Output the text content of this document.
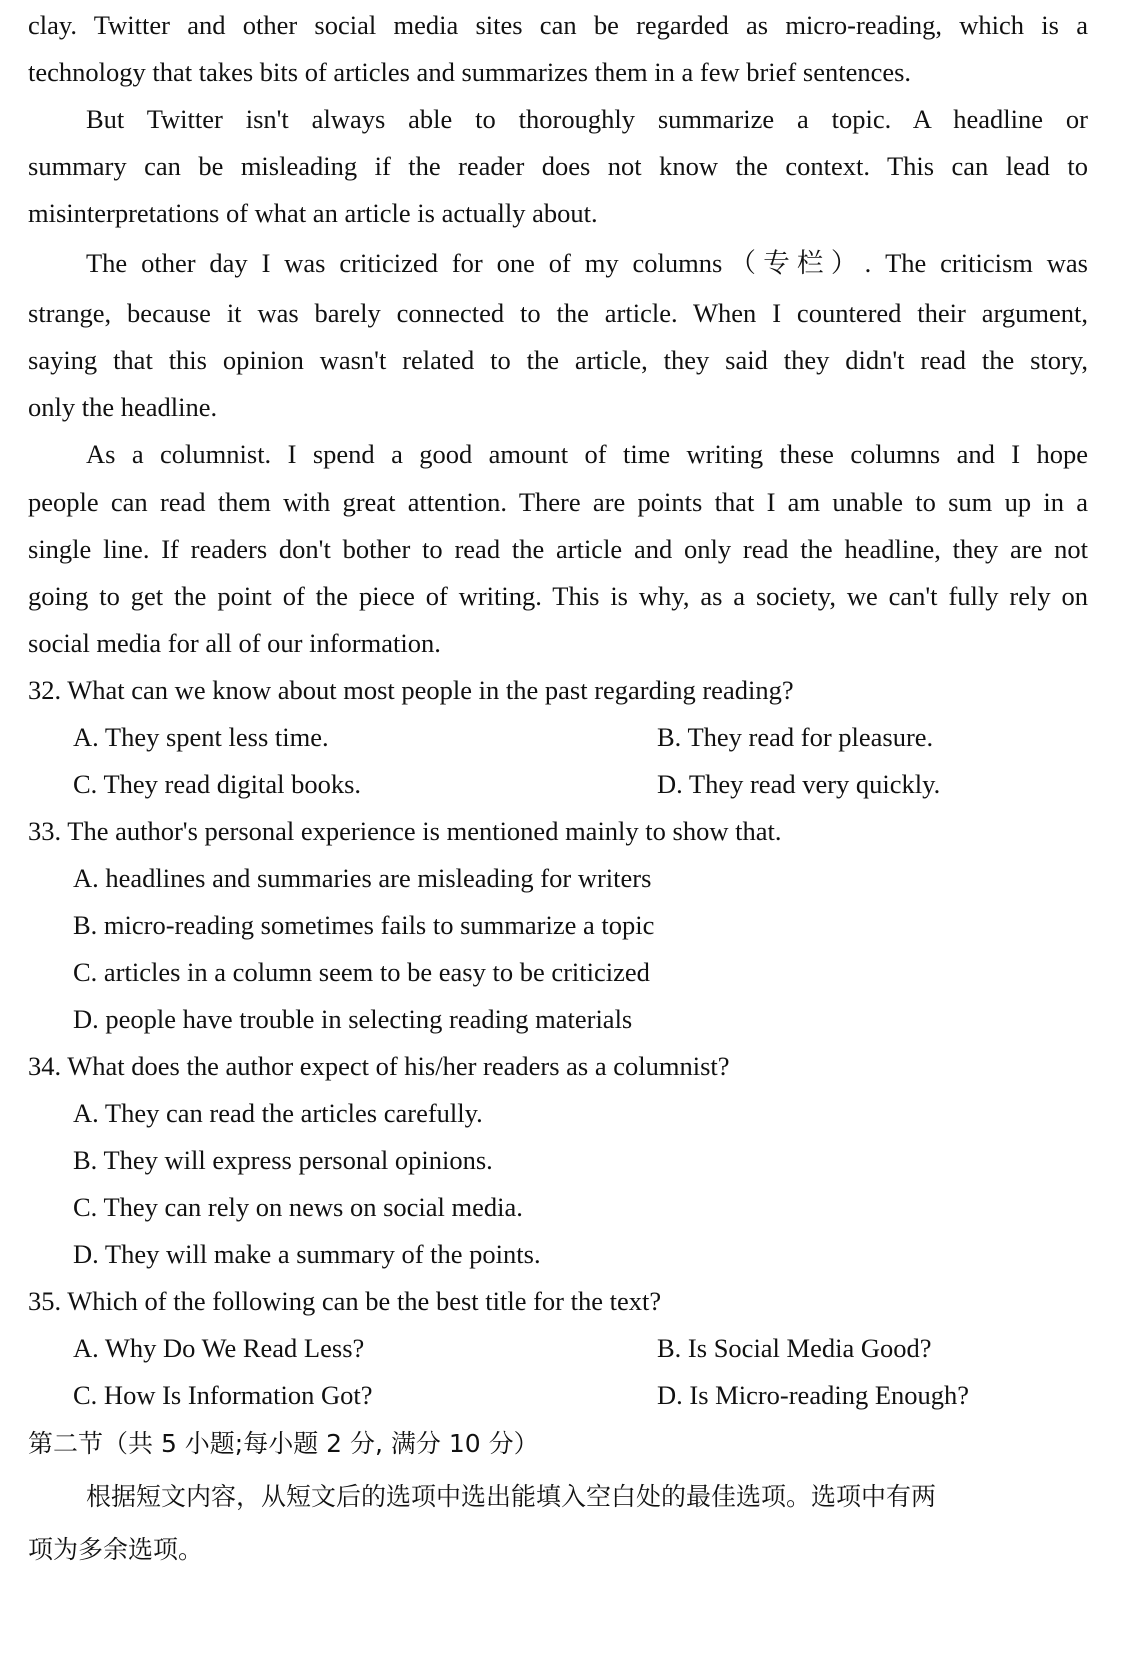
clay. Twitter and other social media sites can be regarded as micro-reading, which is a
technology that takes bits of articles and summarizes them in a few brief sentences.
But Twitter isn't always able to thoroughly summarize a topic. A headline or
summary can be misleading if the reader does not know the context. This can lead to
misinterpretations of what an article is actually about.
The other day I was criticized for one of my columns（专栏）. The criticism was
strange, because it was barely connected to the article. When I countered their argument,
saying that this opinion wasn't related to the article, they said they didn't read the story,
only the headline.
As a columnist. I spend a good amount of time writing these columns and I hope
people can read them with great attention. There are points that I am unable to sum up in a
single line. If readers don't bother to read the article and only read the headline, they are not
going to get the point of the piece of writing. This is why, as a society, we can't fully rely on
social media for all of our information.
32. What can we know about most people in the past regarding reading?
A. They spent less time.	B. They read for pleasure.
C. They read digital books.	D. They read very quickly.
33. The author's personal experience is mentioned mainly to show that.
A. headlines and summaries are misleading for writers
B. micro-reading sometimes fails to summarize a topic
C. articles in a column seem to be easy to be criticized
D. people have trouble in selecting reading materials
34. What does the author expect of his/her readers as a columnist?
A. They can read the articles carefully.
B. They will express personal opinions.
C. They can rely on news on social media.
D. They will make a summary of the points.
35. Which of the following can be the best title for the text?
A. Why Do We Read Less?	B. Is Social Media Good?
C. How Is Information Got?	D. Is Micro-reading Enough?
第二节（共 5 小题;每小题 2 分, 满分 10 分）
根据短文内容，从短文后的选项中选出能填入空白处的最佳选项。选项中有两
项为多余选项。
